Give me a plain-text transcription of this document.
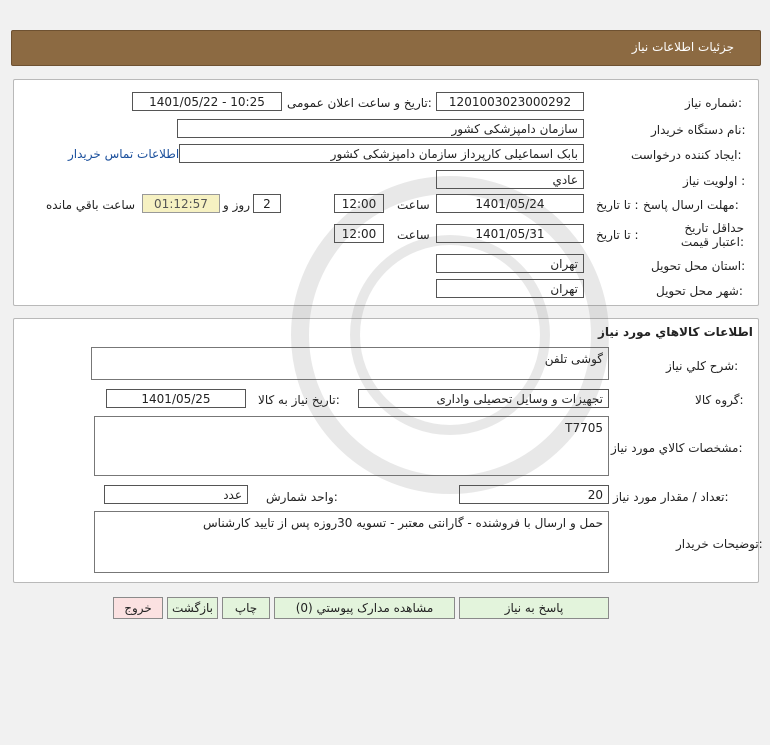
جزئیات اطلاعات نیاز
شماره نیاز:
1201003023000292
تاریخ و ساعت اعلان عمومی:
1401/05/22 - 10:25
نام دستگاه خریدار:
سازمان دامپزشکی کشور
ایجاد کننده درخواست:
بابک اسماعیلی کارپرداز سازمان دامپزشکی کشور
اطلاعات تماس خریدار
اولویت نیاز :
عادي
مهلت ارسال پاسخ:
تا تاریخ :
1401/05/24
ساعت
12:00
2
روز و
01:12:57
ساعت باقي مانده
حداقل تاریخ اعتبار قیمت:
تا تاریخ :
1401/05/31
ساعت
12:00
استان محل تحویل:
تهران
شهر محل تحویل:
تهران
اطلاعات کالاهاي مورد نیاز
شرح کلي نیاز:
گوشی تلفن
گروه کالا:
تجهیزات و وسایل تحصیلی واداری
تاریخ نیاز به کالا:
1401/05/25
مشخصات کالاي مورد نیاز:
T7705
تعداد / مقدار مورد نیاز:
20
واحد شمارش:
عدد
توضیحات خریدار:
حمل و ارسال با فروشنده - گارانتی معتبر - تسویه 30روزه پس از تایید کارشناس
پاسخ به نیاز
مشاهده مدارک پیوستي (0)
چاپ
بازگشت
خروج
